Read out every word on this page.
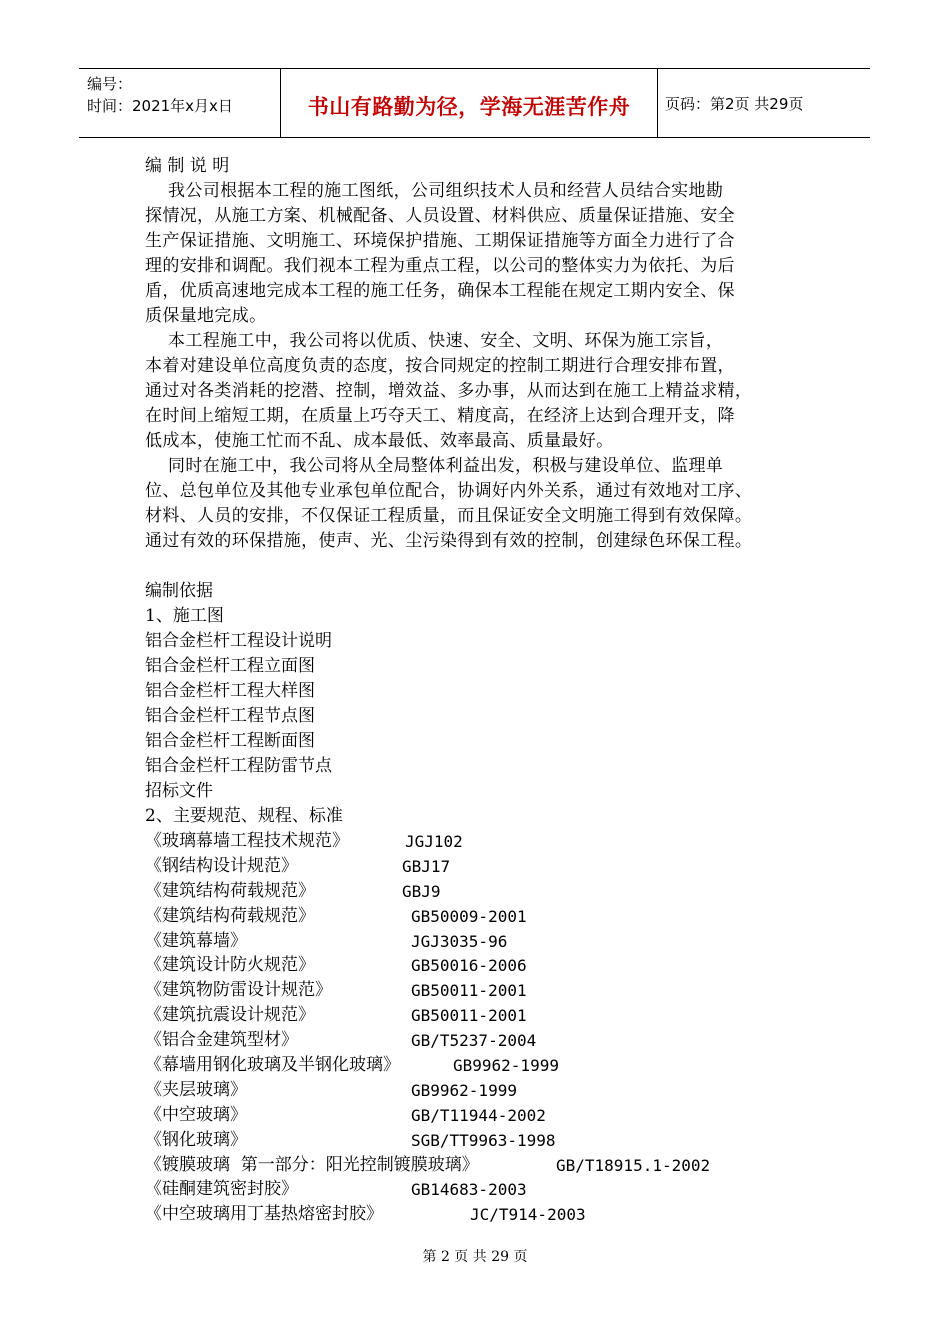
编号：
时间：2021年x月x日	书山有路勤为径，学海无涯苦作舟	页码：第2页 共29页
编 制 说 明
我公司根据本工程的施工图纸，公司组织技术人员和经营人员结合实地勘
探情况，从施工方案、机械配备、人员设置、材料供应、质量保证措施、安全
生产保证措施、文明施工、环境保护措施、工期保证措施等方面全力进行了合
理的安排和调配。我们视本工程为重点工程，以公司的整体实力为依托、为后
盾，优质高速地完成本工程的施工任务，确保本工程能在规定工期内安全、保
质保量地完成。
本工程施工中，我公司将以优质、快速、安全、文明、环保为施工宗旨，
本着对建设单位高度负责的态度，按合同规定的控制工期进行合理安排布置，
通过对各类消耗的挖潜、控制，增效益、多办事，从而达到在施工上精益求精，
在时间上缩短工期，在质量上巧夺天工、精度高，在经济上达到合理开支，降
低成本，使施工忙而不乱、成本最低、效率最高、质量最好。
同时在施工中，我公司将从全局整体利益出发，积极与建设单位、监理单
位、总包单位及其他专业承包单位配合，协调好内外关系，通过有效地对工序、
材料、人员的安排，不仅保证工程质量，而且保证安全文明施工得到有效保障。
通过有效的环保措施，使声、光、尘污染得到有效的控制，创建绿色环保工程。
编制依据
1、施工图
铝合金栏杆工程设计说明
铝合金栏杆工程立面图
铝合金栏杆工程大样图
铝合金栏杆工程节点图
铝合金栏杆工程断面图
铝合金栏杆工程防雷节点
招标文件
2、主要规范、规程、标准
《玻璃幕墙工程技术规范》	JGJ102
《钢结构设计规范》	GBJ17
《建筑结构荷载规范》	GBJ9
《建筑结构荷载规范》	GB50009-2001
《建筑幕墙》	JGJ3035-96
《建筑设计防火规范》	GB50016-2006
《建筑物防雷设计规范》	GB50011-2001
《建筑抗震设计规范》	GB50011-2001
《铝合金建筑型材》	GB/T5237-2004
《幕墙用钢化玻璃及半钢化玻璃》	GB9962-1999
《夹层玻璃》	GB9962-1999
《中空玻璃》	GB/T11944-2002
《钢化玻璃》	SGB/TT9963-1998
《镀膜玻璃  第一部分：阳光控制镀膜玻璃》	GB/T18915.1-2002
《硅酮建筑密封胶》	GB14683-2003
《中空玻璃用丁基热熔密封胶》	JC/T914-2003
第 2 页 共 29 页
